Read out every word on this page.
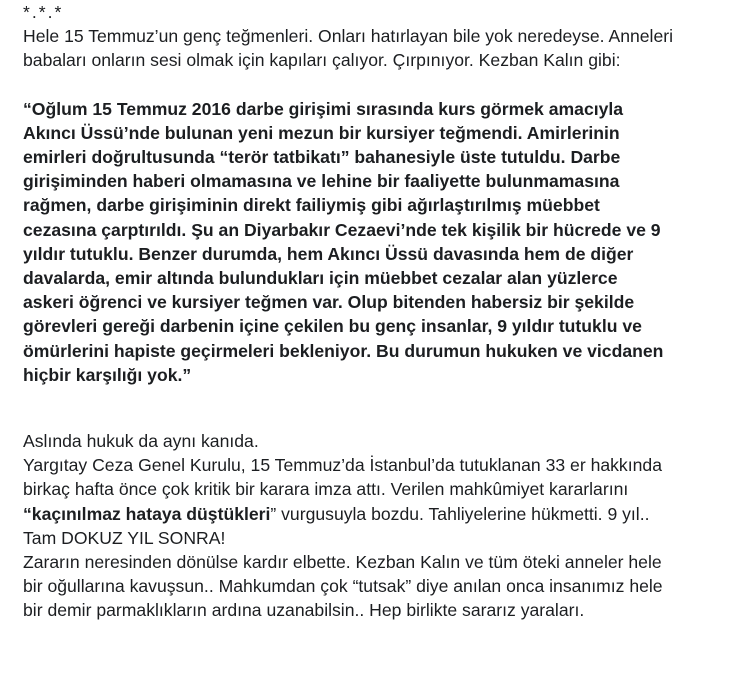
*.*.*
Hele 15 Temmuz’un genç teğmenleri. Onları hatırlayan bile yok neredeyse. Anneleri
babaları onların sesi olmak için kapıları çalıyor. Çırpınıyor. Kezban Kalın gibi:
“Oğlum 15 Temmuz 2016 darbe girişimi sırasında kurs görmek amacıyla
Akıncı Üssü’nde bulunan yeni mezun bir kursiyer teğmendi. Amirlerinin
emirleri doğrultusunda “terör tatbikatı” bahanesiyle üste tutuldu. Darbe
girişiminden haberi olmamasına ve lehine bir faaliyette bulunmamasına
rağmen, darbe girişiminin direkt failiymiş gibi ağırlaştırılmış müebbet
cezasına çarptırıldı. Şu an Diyarbakır Cezaevi’nde tek kişilik bir hücrede ve 9
yıldır tutuklu. Benzer durumda, hem Akıncı Üssü davasında hem de diğer
davalarda, emir altında bulundukları için müebbet cezalar alan yüzlerce
askeri öğrenci ve kursiyer teğmen var. Olup bitenden habersiz bir şekilde
görevleri gereği darbenin içine çekilen bu genç insanlar, 9 yıldır tutuklu ve
ömürlerini hapiste geçirmeleri bekleniyor. Bu durumun hukuken ve vicdanen
hiçbir karşılığı yok.”
Aslında hukuk da aynı kanıda.
Yargıtay Ceza Genel Kurulu, 15 Temmuz’da İstanbul’da tutuklanan 33 er hakkında
birkaç hafta önce çok kritik bir karara imza attı. Verilen mahkûmiyet kararlarını
“kaçınılmaz hataya düştükleri” vurgusuyla bozdu. Tahliyelerine hükmetti. 9 yıl..
Tam DOKUZ YIL SONRA!
Zararın neresinden dönülse kardır elbette. Kezban Kalın ve tüm öteki anneler hele
bir oğullarına kavuşsun.. Mahkumdan çok “tutsak” diye anılan onca insanımız hele
bir demir parmaklıkların ardına uzanabilsin.. Hep birlikte sararız yaraları.
